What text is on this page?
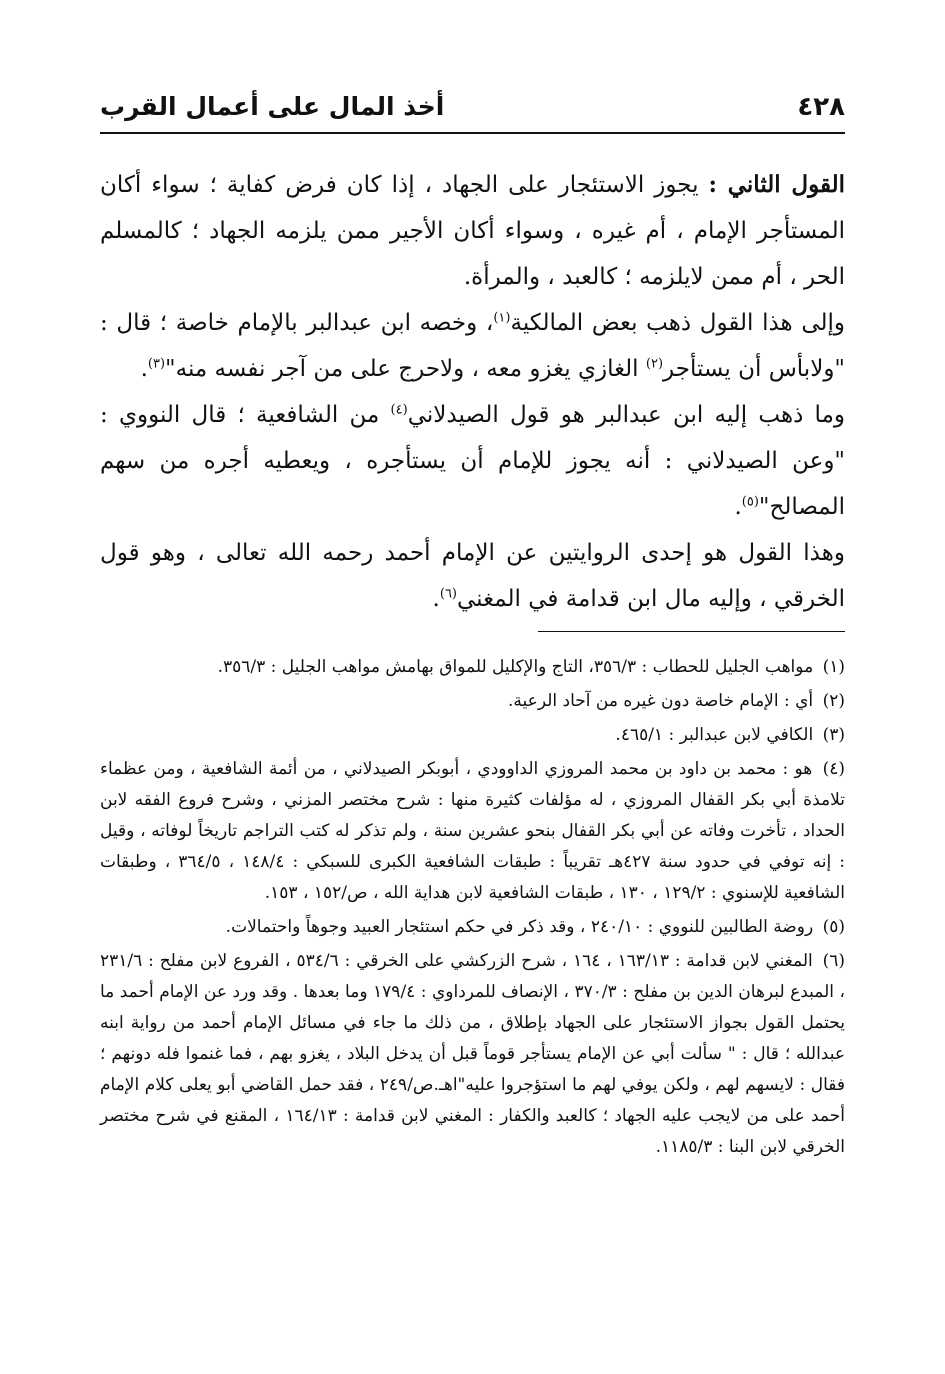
٤٢٨
أخذ المال على أعمال القرب

القول الثاني : يجوز الاستئجار على الجهاد ، إذا كان فرض كفاية ؛ سواء أكان المستأجر الإمام ، أم غيره ، وسواء أكان الأجير ممن يلزمه الجهاد ؛ كالمسلم الحر ، أم ممن لايلزمه ؛ كالعبد ، والمرأة.

وإلى هذا القول ذهب بعض المالكية$^{(١)}$، وخصه ابن عبدالبر بالإمام خاصة ؛ قال : "ولابأس أن يستأجر$^{(٢)}$ الغازي يغزو معه ، ولاحرج على من آجر نفسه منه"$^{(٣)}$.

وما ذهب إليه ابن عبدالبر هو قول الصيدلاني$^{(٤)}$ من الشافعية ؛ قال النووي : "وعن الصيدلاني : أنه يجوز للإمام أن يستأجره ، ويعطيه أجره من سهم المصالح"$^{(٥)}$.

وهذا القول هو إحدى الروايتين عن الإمام أحمد رحمه الله تعالى ، وهو قول الخرقي ، وإليه مال ابن قدامة في المغني$^{(٦)}$.

(١) مواهب الجليل للحطاب : ٣٥٦/٣، التاج والإكليل للمواق بهامش مواهب الجليل : ٣٥٦/٣.

(٢) أي : الإمام خاصة دون غيره من آحاد الرعية.

(٣) الكافي لابن عبدالبر : ٤٦٥/١.

(٤) هو : محمد بن داود بن محمد المروزي الداوودي ، أبوبكر الصيدلاني ، من أئمة الشافعية ، ومن عظماء تلامذة أبي بكر القفال المروزي ، له مؤلفات كثيرة منها : شرح مختصر المزني ، وشرح فروع الفقه لابن الحداد ، تأخرت وفاته عن أبي بكر القفال بنحو عشرين سنة ، ولم تذكر له كتب التراجم تاريخاً لوفاته ، وقيل : إنه توفي في حدود سنة ٤٢٧هـ تقريباً : طبقات الشافعية الكبرى للسبكي : ١٤٨/٤ ، ٣٦٤/٥ ، وطبقات الشافعية للإسنوي : ١٢٩/٢ ، ١٣٠ ، طبقات الشافعية لابن هداية الله ، ص/١٥٢ ، ١٥٣.

(٥) روضة الطالبين للنووي : ٢٤٠/١٠ ، وقد ذكر في حكم استئجار العبيد وجوهاً واحتمالات.

(٦) المغني لابن قدامة : ١٦٣/١٣ ، ١٦٤ ، شرح الزركشي على الخرقي : ٥٣٤/٦ ، الفروع لابن مفلح : ٢٣١/٦ ، المبدع لبرهان الدين بن مفلح : ٣٧٠/٣ ، الإنصاف للمرداوي : ١٧٩/٤ وما بعدها . وقد ورد عن الإمام أحمد ما يحتمل القول بجواز الاستئجار على الجهاد بإطلاق ، من ذلك ما جاء في مسائل الإمام أحمد من رواية ابنه عبدالله ؛ قال : " سألت أبي عن الإمام يستأجر قوماً قبل أن يدخل البلاد ، يغزو بهم ، فما غنموا فله دونهم ؛ فقال : لايسهم لهم ، ولكن يوفي لهم ما استؤجروا عليه"اهـ.ص/٢٤٩ ، فقد حمل القاضي أبو يعلى كلام الإمام أحمد على من لايجب عليه الجهاد ؛ كالعبد والكفار : المغني لابن قدامة : ١٦٤/١٣ ، المقنع في شرح مختصر الخرقي لابن البنا : ١١٨٥/٣.
